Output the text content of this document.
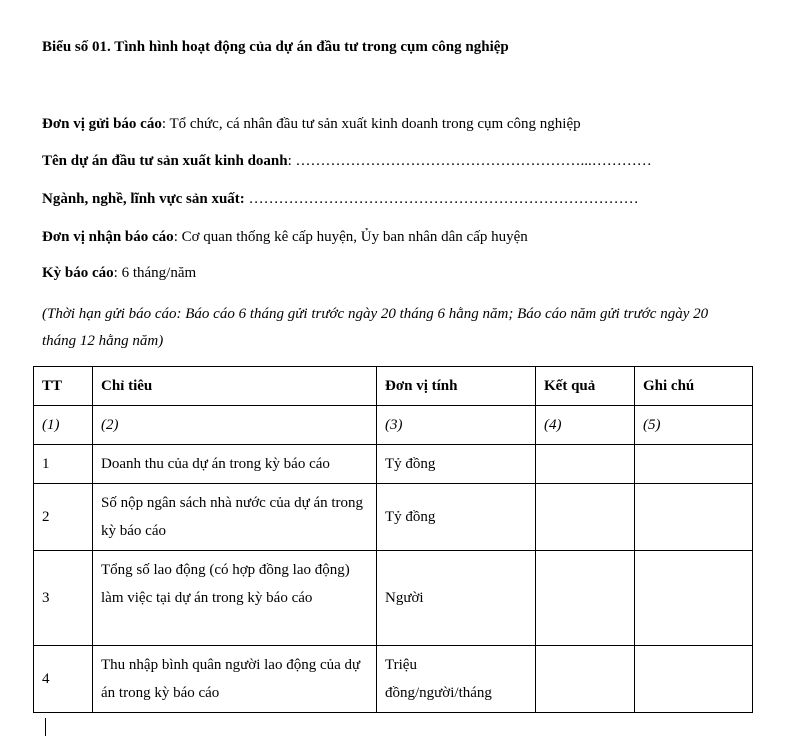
Biểu số 01. Tình hình hoạt động của dự án đầu tư trong cụm công nghiệp
Đơn vị gửi báo cáo: Tổ chức, cá nhân đầu tư sản xuất kinh doanh trong cụm công nghiệp
Tên dự án đầu tư sản xuất kinh doanh: …………………………………………………...…………
Ngành, nghề, lĩnh vực sản xuất: ……………………………………………………………………
Đơn vị nhận báo cáo: Cơ quan thống kê cấp huyện, Ủy ban nhân dân cấp huyện
Kỳ báo cáo: 6 tháng/năm
(Thời hạn gửi báo cáo: Báo cáo 6 tháng gửi trước ngày 20 tháng 6 hằng năm; Báo cáo năm gửi trước ngày 20 tháng 12 hằng năm)
TT	Chỉ tiêu	Đơn vị tính	Kết quả	Ghi chú
(1)	(2)	(3)	(4)	(5)
1	Doanh thu của dự án trong kỳ báo cáo	Tỷ đồng		
2	Số nộp ngân sách nhà nước của dự án trong kỳ báo cáo	Tỷ đồng		
3	Tổng số lao động (có hợp đồng lao động) làm việc tại dự án trong kỳ báo cáo	Người		
4	Thu nhập bình quân người lao động của dự án trong kỳ báo cáo	Triệu đồng/người/tháng		
